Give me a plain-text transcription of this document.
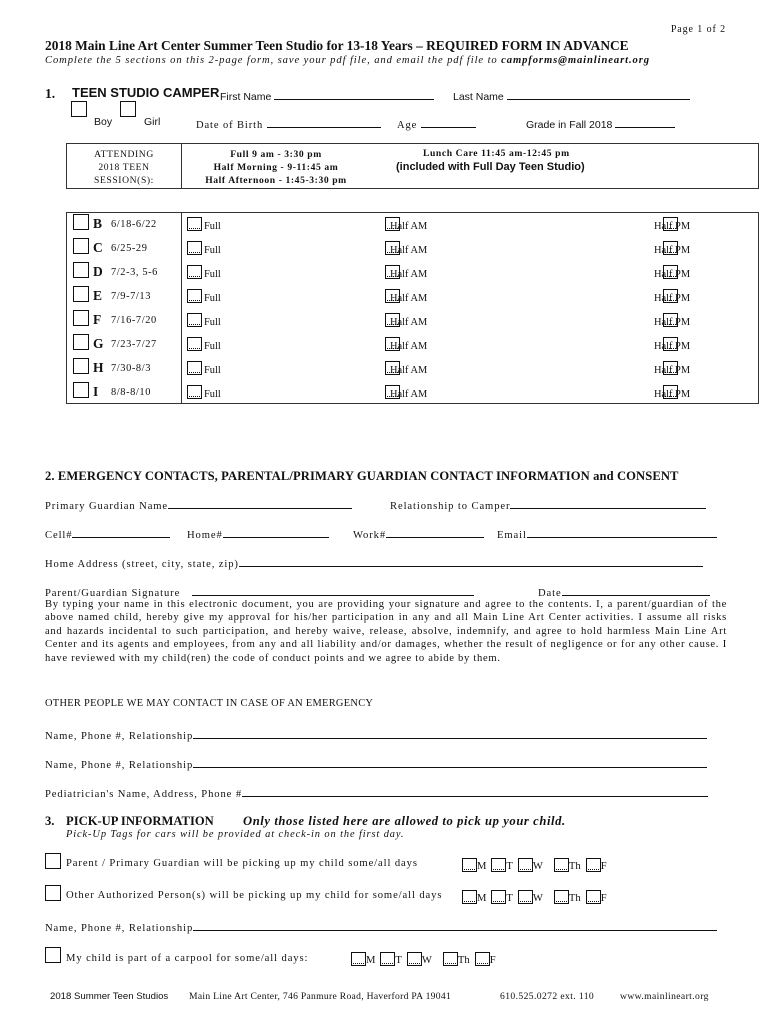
Page 1 of 2
2018 Main Line Art Center Summer Teen Studio for 13-18 Years – REQUIRED FORM IN ADVANCE
Complete the 5 sections on this 2-page form, save your pdf file, and email the pdf file to campforms@mainlineart.org
1. TEEN STUDIO CAMPER First Name	Last Name
Boy	Girl	Date of Birth	Age	Grade in Fall 2018
ATTENDING
2018 TEEN
SESSION(S):
Full 9 am - 3:30 pm
Half Morning - 9-11:45 am
Half Afternoon - 1:45-3:30 pm
Lunch Care 11:45 am-12:45 pm
(included with Full Day Teen Studio)
B 6/18-6/22	Full	Half AM	Half PM
C 6/25-29	Full	Half AM	Half PM
D 7/2-3, 5-6	Full	Half AM	Half PM
E 7/9-7/13	Full	Half AM	Half PM
F 7/16-7/20	Full	Half AM	Half PM
G 7/23-7/27	Full	Half AM	Half PM
H 7/30-8/3	Full	Half AM	Half PM
I 8/8-8/10	Full	Half AM	Half PM
2. EMERGENCY CONTACTS, PARENTAL/PRIMARY GUARDIAN CONTACT INFORMATION and CONSENT
Primary Guardian Name	Relationship to Camper
Cell#	Home#	Work#	Email
Home Address (street, city, state, zip)
Parent/Guardian Signature	Date
By typing your name in this electronic document, you are providing your signature and agree to the contents. I, a parent/guardian of the above named child, hereby give my approval for his/her participation in any and all Main Line Art Center activities. I assume all risks and hazards incidental to such participation, and hereby waive, release, absolve, indemnify, and agree to hold harmless Main Line Art Center and its agents and employees, from any and all liability and/or damages, whether the result of negligence or for any other cause. I have reviewed with my child(ren) the code of conduct points and we agree to abide by them.
OTHER PEOPLE WE MAY CONTACT IN CASE OF AN EMERGENCY
Name, Phone #, Relationship
Name, Phone #, Relationship
Pediatrician's Name, Address, Phone #
3. PICK-UP INFORMATION Only those listed here are allowed to pick up your child.
Pick-Up Tags for cars will be provided at check-in on the first day.
Parent / Primary Guardian will be picking up my child some/all days	M T W Th F
Other Authorized Person(s) will be picking up my child for some/all days	M T W Th F
Name, Phone #, Relationship
My child is part of a carpool for some/all days:	M T W Th F
2018 Summer Teen Studios Main Line Art Center, 746 Panmure Road, Haverford PA 19041	610.525.0272 ext. 110	www.mainlineart.org
